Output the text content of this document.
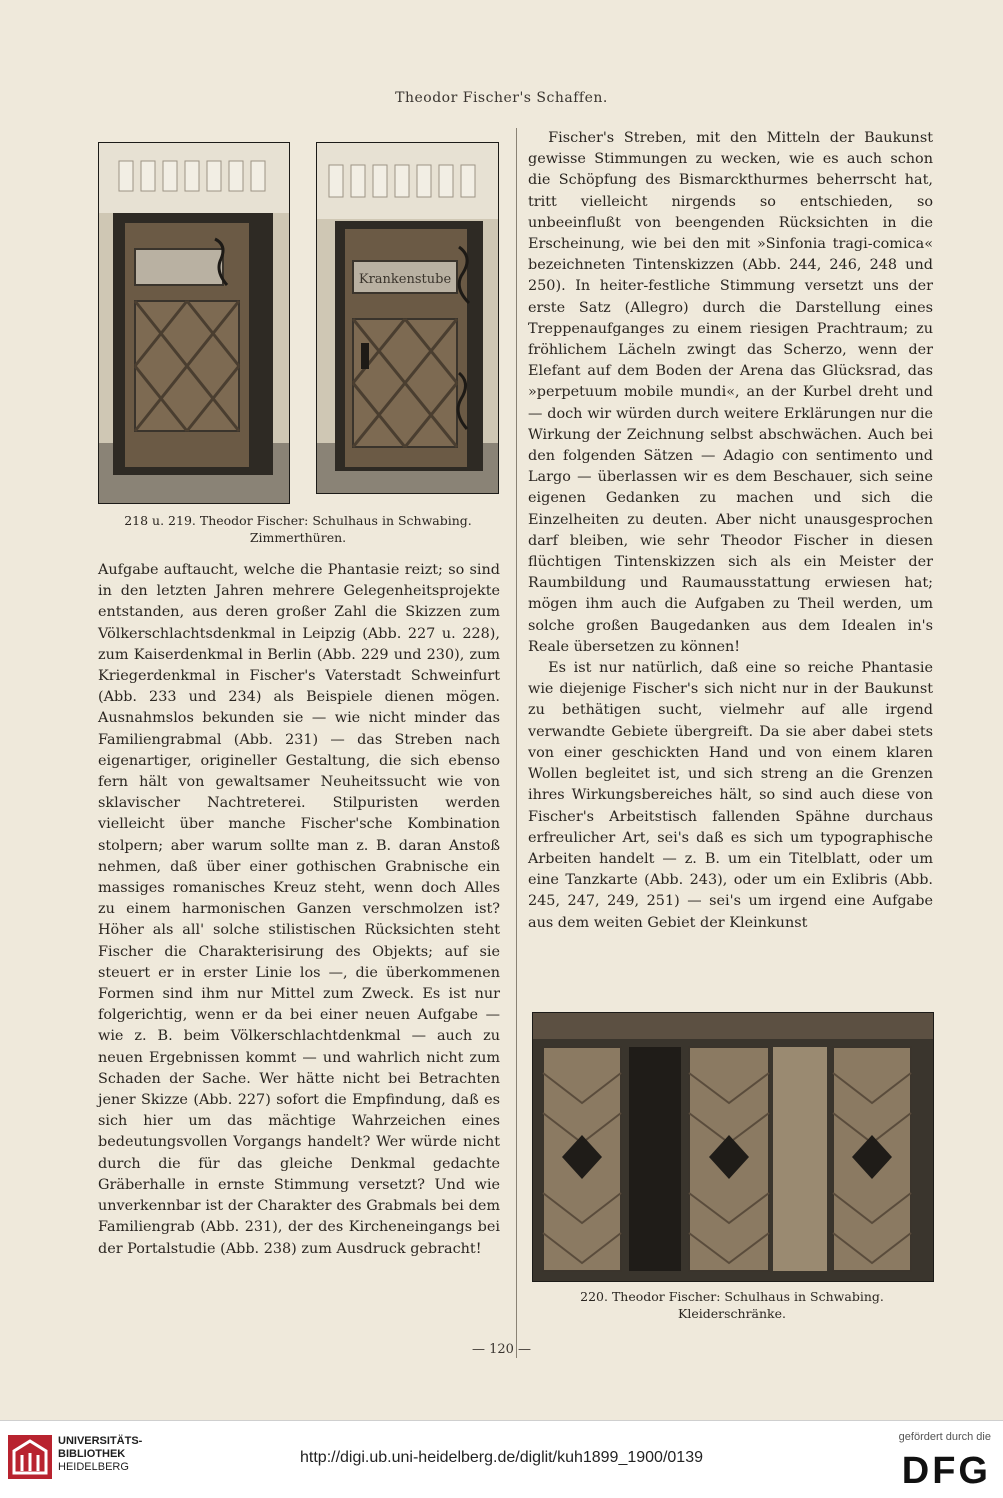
Theodor Fischer's Schaffen.
Krankenstube
218 u. 219. Theodor Fischer: Schulhaus in Schwabing.
Zimmerthüren.

Aufgabe auftaucht, welche die Phantasie reizt; so sind in den letzten Jahren mehrere Gelegenheitsprojekte entstanden, aus deren großer Zahl die Skizzen zum Völkerschlachtsdenkmal in Leipzig (Abb. 227 u. 228), zum Kaiserdenkmal in Berlin (Abb. 229 und 230), zum Kriegerdenkmal in Fischer's Vaterstadt Schweinfurt (Abb. 233 und 234) als Beispiele dienen mögen. Ausnahmslos bekunden sie — wie nicht minder das Familiengrabmal (Abb. 231) — das Streben nach eigenartiger, origineller Gestaltung, die sich ebenso fern hält von gewaltsamer Neuheitssucht wie von sklavischer Nachtreterei. Stilpuristen werden vielleicht über manche Fischer'sche Kombination stolpern; aber warum sollte man z. B. daran Anstoß nehmen, daß über einer gothischen Grabnische ein massiges romanisches Kreuz steht, wenn doch Alles zu einem harmonischen Ganzen verschmolzen ist? Höher als all' solche stilistischen Rücksichten steht Fischer die Charakterisirung des Objekts; auf sie steuert er in erster Linie los —, die überkommenen Formen sind ihm nur Mittel zum Zweck. Es ist nur folgerichtig, wenn er da bei einer neuen Aufgabe — wie z. B. beim Völkerschlachtdenkmal — auch zu neuen Ergebnissen kommt — und wahrlich nicht zum Schaden der Sache. Wer hätte nicht bei Betrachten jener Skizze (Abb. 227) sofort die Empfindung, daß es sich hier um das mächtige Wahrzeichen eines bedeutungsvollen Vorgangs handelt? Wer würde nicht durch die für das gleiche Denkmal gedachte Gräberhalle in ernste Stimmung versetzt? Und wie unverkennbar ist der Charakter des Grabmals bei dem Familiengrab (Abb. 231), der des Kircheneingangs bei der Portalstudie (Abb. 238) zum Ausdruck gebracht!

Fischer's Streben, mit den Mitteln der Baukunst gewisse Stimmungen zu wecken, wie es auch schon die Schöpfung des Bismarckthurmes beherrscht hat, tritt vielleicht nirgends so entschieden, so unbeeinflußt von beengenden Rücksichten in die Erscheinung, wie bei den mit »Sinfonia tragi-comica« bezeichneten Tintenskizzen (Abb. 244, 246, 248 und 250). In heiter-festliche Stimmung versetzt uns der erste Satz (Allegro) durch die Darstellung eines Treppenaufganges zu einem riesigen Prachtraum; zu fröhlichem Lächeln zwingt das Scherzo, wenn der Elefant auf dem Boden der Arena das Glücksrad, das »perpetuum mobile mundi«, an der Kurbel dreht und — doch wir würden durch weitere Erklärungen nur die Wirkung der Zeichnung selbst abschwächen. Auch bei den folgenden Sätzen — Adagio con sentimento und Largo — überlassen wir es dem Beschauer, sich seine eigenen Gedanken zu machen und sich die Einzelheiten zu deuten. Aber nicht unausgesprochen darf bleiben, wie sehr Theodor Fischer in diesen flüchtigen Tintenskizzen sich als ein Meister der Raumbildung und Raumausstattung erwiesen hat; mögen ihm auch die Aufgaben zu Theil werden, um solche großen Baugedanken aus dem Idealen in's Reale übersetzen zu können!

Es ist nur natürlich, daß eine so reiche Phantasie wie diejenige Fischer's sich nicht nur in der Baukunst zu bethätigen sucht, vielmehr auf alle irgend verwandte Gebiete übergreift. Da sie aber dabei stets von einer geschickten Hand und von einem klaren Wollen begleitet ist, und sich streng an die Grenzen ihres Wirkungsbereiches hält, so sind auch diese von Fischer's Arbeitstisch fallenden Spähne durchaus erfreulicher Art, sei's daß es sich um typographische Arbeiten handelt — z. B. um ein Titelblatt, oder um eine Tanzkarte (Abb. 243), oder um ein Exlibris (Abb. 245, 247, 249, 251) — sei's um irgend eine Aufgabe aus dem weiten Gebiet der Kleinkunst

220. Theodor Fischer: Schulhaus in Schwabing.
Kleiderschränke.
— 120 —
UNIVERSITÄTS-
BIBLIOTHEK
HEIDELBERG
http://digi.ub.uni-heidelberg.de/diglit/kuh1899_1900/0139
gefördert durch die
DFG
